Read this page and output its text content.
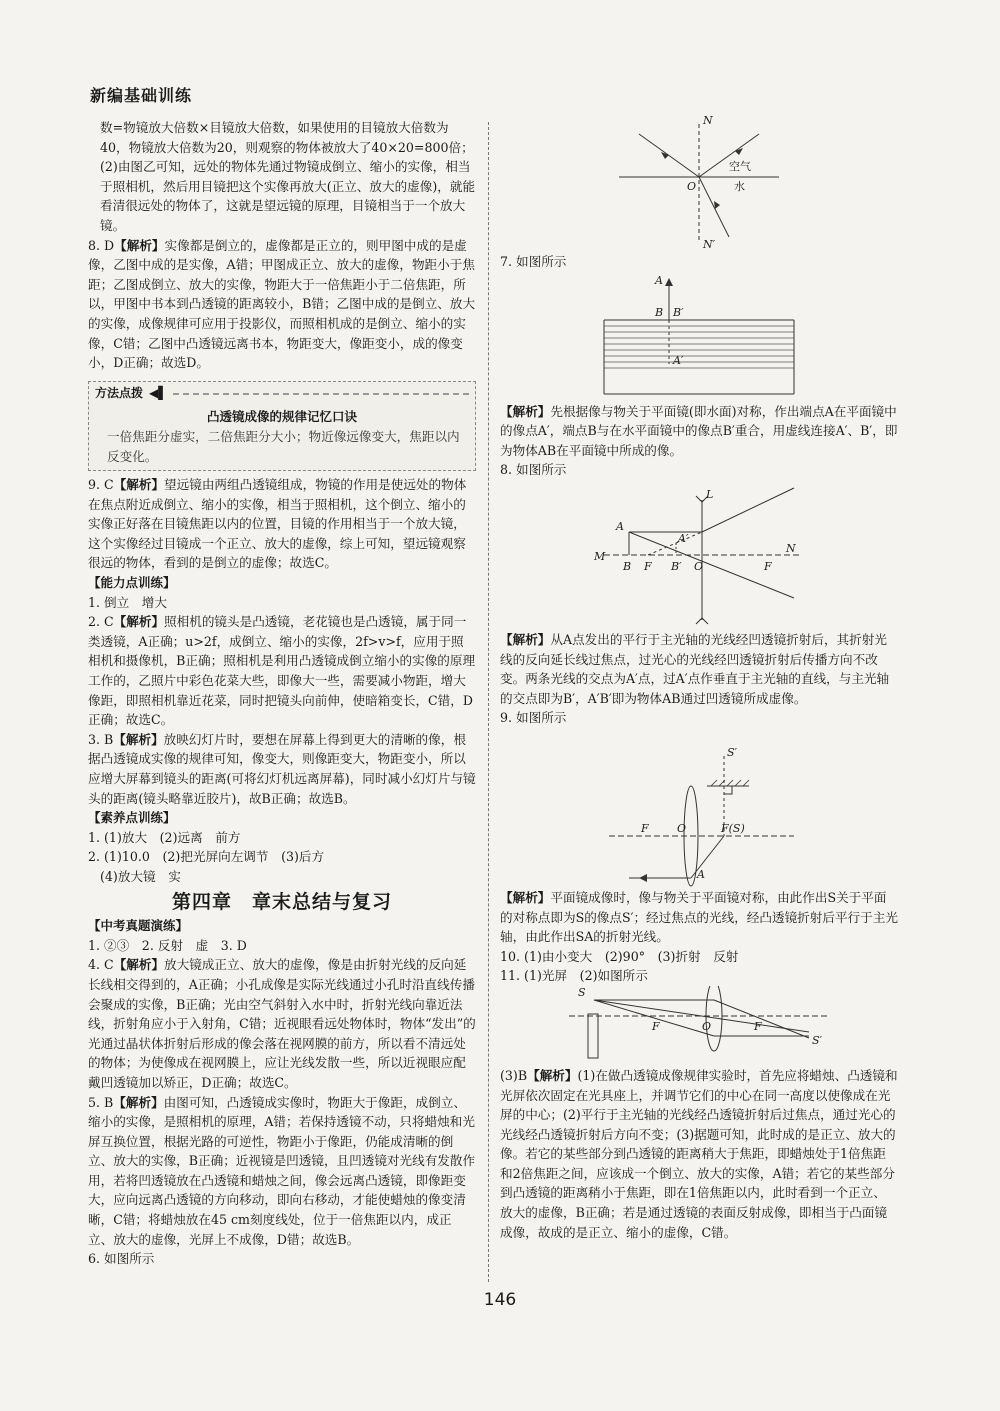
新编基础训练

数=物镜放大倍数×目镜放大倍数，如果使用的目镜放大倍数为40，物镜放大倍数为20，则观察的物体被放大了40×20=800倍；(2)由图乙可知，远处的物体先通过物镜成倒立、缩小的实像，相当于照相机，然后用目镜把这个实像再放大(正立、放大的虚像)，就能看清很远处的物体了，这就是望远镜的原理，目镜相当于一个放大镜。

8. D【解析】实像都是倒立的，虚像都是正立的，则甲图中成的是虚像，乙图中成的是实像，A错；甲图成正立、放大的虚像，物距小于焦距；乙图成倒立、放大的实像，物距大于一倍焦距小于二倍焦距，所以，甲图中书本到凸透镜的距离较小，B错；乙图中成的是倒立、放大的实像，成像规律可应用于投影仪，而照相机成的是倒立、缩小的实像，C错；乙图中凸透镜远离书本，物距变大，像距变小，成的像变小，D正确；故选D。

方法点拨 ◀▌
凸透镜成像的规律记忆口诀
一倍焦距分虚实，二倍焦距分大小；物近像远像变大，焦距以内反变化。

9. C【解析】望远镜由两组凸透镜组成，物镜的作用是使远处的物体在焦点附近成倒立、缩小的实像，相当于照相机，这个倒立、缩小的实像正好落在目镜焦距以内的位置，目镜的作用相当于一个放大镜，这个实像经过目镜成一个正立、放大的虚像，综上可知，望远镜观察很远的物体，看到的是倒立的虚像；故选C。

【能力点训练】

1. 倒立　增大

2. C【解析】照相机的镜头是凸透镜，老花镜也是凸透镜，属于同一类透镜，A正确；u>2f，成倒立、缩小的实像，2f>v>f，应用于照相机和摄像机，B正确；照相机是利用凸透镜成倒立缩小的实像的原理工作的，乙照片中彩色花菜大些，即像大一些，需要减小物距，增大像距，即照相机靠近花菜，同时把镜头向前伸，使暗箱变长，C错，D正确；故选C。

3. B【解析】放映幻灯片时，要想在屏幕上得到更大的清晰的像，根据凸透镜成实像的规律可知，像变大，则像距变大，物距变小，所以应增大屏幕到镜头的距离(可将幻灯机远离屏幕)，同时减小幻灯片与镜头的距离(镜头略靠近胶片)，故B正确；故选B。

【素养点训练】

1. (1)放大　(2)远离　前方

2. (1)10.0　(2)把光屏向左调节　(3)后方

(4)放大镜　实

第四章　章末总结与复习

【中考真题演练】

1. ②③　2. 反射　虚　3. D

4. C【解析】放大镜成正立、放大的虚像，像是由折射光线的反向延长线相交得到的，A正确；小孔成像是实际光线通过小孔时沿直线传播会聚成的实像，B正确；光由空气斜射入水中时，折射光线向靠近法线，折射角应小于入射角，C错；近视眼看远处物体时，物体“发出”的光通过晶状体折射后形成的像会落在视网膜的前方，所以看不清远处的物体；为使像成在视网膜上，应让光线发散一些，所以近视眼应配戴凹透镜加以矫正，D正确；故选C。

5. B【解析】由图可知，凸透镜成实像时，物距大于像距，成倒立、缩小的实像，是照相机的原理，A错；若保持透镜不动，只将蜡烛和光屏互换位置，根据光路的可逆性，物距小于像距，仍能成清晰的倒立、放大的实像，B正确；近视镜是凹透镜，且凹透镜对光线有发散作用，若将凹透镜放在凸透镜和蜡烛之间，像会远离凸透镜，即像距变大，应向远离凸透镜的方向移动，即向右移动，才能使蜡烛的像变清晰，C错；将蜡烛放在45 cm刻度线处，位于一倍焦距以内，成正立、放大的虚像，光屏上不成像，D错；故选B。

6. 如图所示

N
N′
O
空气
水

7. 如图所示

A
B B′
A′

【解析】先根据像与物关于平面镜(即水面)对称，作出端点A在平面镜中的像点A′，端点B与在水平面镜中的像点B′重合，用虚线连接A′、B′，即为物体AB在平面镜中所成的像。

8. 如图所示

A
L
A′
M
B F B′ O	F
N

【解析】从A点发出的平行于主光轴的光线经凹透镜折射后，其折射光线的反向延长线过焦点，过光心的光线经凹透镜折射后传播方向不改变。两条光线的交点为A′点，过A′点作垂直于主光轴的直线，与主光轴的交点即为B′，A′B′即为物体AB通过凹透镜所成虚像。

9. 如图所示

S′
F	O	F(S)
A

【解析】平面镜成像时，像与物关于平面镜对称，由此作出S关于平面的对称点即为S的像点S′；经过焦点的光线，经凸透镜折射后平行于主光轴，由此作出SA的折射光线。

10. (1)由小变大　(2)90°　(3)折射　反射

11. (1)光屏　(2)如图所示

S
F	O	F
S′

(3)B【解析】(1)在做凸透镜成像规律实验时，首先应将蜡烛、凸透镜和光屏依次固定在光具座上，并调节它们的中心在同一高度以使像成在光屏的中心；(2)平行于主光轴的光线经凸透镜折射后过焦点，通过光心的光线经凸透镜折射后方向不变；(3)据题可知，此时成的是正立、放大的像。若它的某些部分到凸透镜的距离稍大于焦距，即蜡烛处于1倍焦距和2倍焦距之间，应该成一个倒立、放大的实像，A错；若它的某些部分到凸透镜的距离稍小于焦距，即在1倍焦距以内，此时看到一个正立、放大的虚像，B正确；若是通过透镜的表面反射成像，即相当于凸面镜成像，故成的是正立、缩小的虚像，C错。

146
